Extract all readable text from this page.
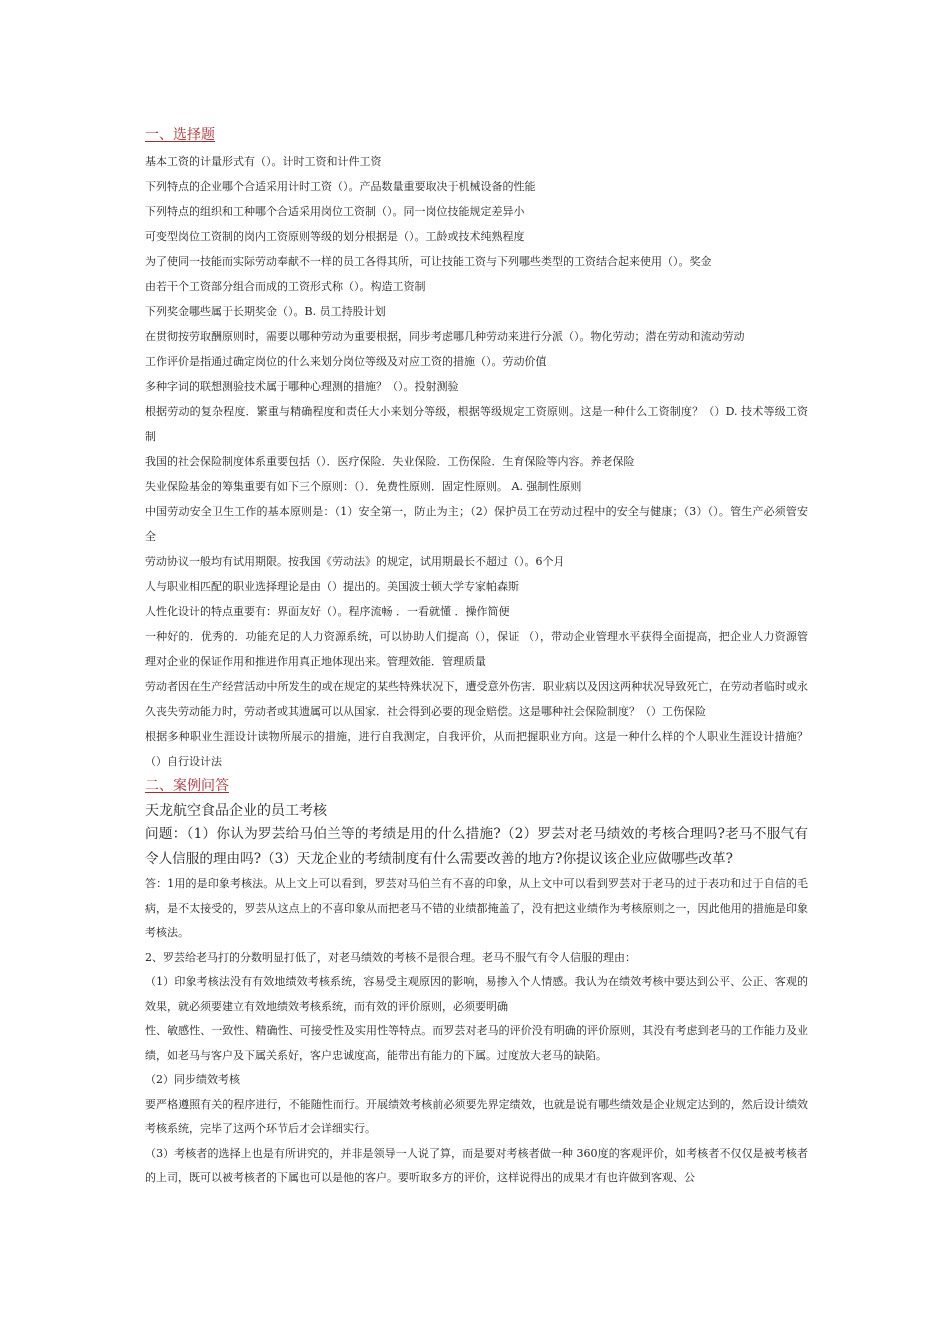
一、选择题

基本工资的计量形式有（）。计时工资和计件工资

下列特点的企业哪个合适采用计时工资（）。产品数量重要取决于机械设备的性能

下列特点的组织和工种哪个合适采用岗位工资制（）。同一岗位技能规定差异小

可变型岗位工资制的岗内工资原则等级的划分根据是（）。工龄或技术纯熟程度

为了使同一技能而实际劳动奉献不一样的员工各得其所，可让技能工资与下列哪些类型的工资结合起来使用（）。奖金

由若干个工资部分组合而成的工资形式称（）。构造工资制

下列奖金哪些属于长期奖金（）。B. 员工持股计划

在贯彻按劳取酬原则时，需要以哪种劳动为重要根据，同步考虑哪几种劳动来进行分派（）。物化劳动；潜在劳动和流动劳动

工作评价是指通过确定岗位的什么来划分岗位等级及对应工资的措施（）。劳动价值

多种字词的联想测验技术属于哪种心理测的措施？（）。投射测验

根据劳动的复杂程度．繁重与精确程度和责任大小来划分等级，根据等级规定工资原则。这是一种什么工资制度？（）D. 技术等级工资制

我国的社会保险制度体系重要包括（）．医疗保险．失业保险．工伤保险．生育保险等内容。养老保险

失业保险基金的筹集重要有如下三个原则：（）．免费性原则．固定性原则。 A. 强制性原则

中国劳动安全卫生工作的基本原则是：（1）安全第一，防止为主；（2）保护员工在劳动过程中的安全与健康；（3）（）。管生产必须管安全

劳动协议一般均有试用期限。按我国《劳动法》的规定，试用期最长不超过（）。6个月

人与职业相匹配的职业选择理论是由（）提出的。美国波士顿大学专家帕森斯

人性化设计的特点重要有：界面友好（）。程序流畅 ．一看就懂 ．操作简便

一种好的．优秀的．功能充足的人力资源系统，可以协助人们提高（），保证 （），带动企业管理水平获得全面提高，把企业人力资源管理对企业的保证作用和推进作用真正地体现出来。管理效能．管理质量

劳动者因在生产经营活动中所发生的或在规定的某些特殊状况下，遭受意外伤害．职业病以及因这两种状况导致死亡，在劳动者临时或永久丧失劳动能力时，劳动者或其遗属可以从国家．社会得到必要的现金赔偿。这是哪种社会保险制度？（）工伤保险

根据多种职业生涯设计读物所展示的措施，进行自我测定，自我评价，从而把握职业方向。这是一种什么样的个人职业生涯设计措施？（）自行设计法

二、案例问答
天龙航空食品企业的员工考核

问题：（1）你认为罗芸给马伯兰等的考绩是用的什么措施?（2）罗芸对老马绩效的考核合理吗?老马不服气有令人信服的理由吗?（3）天龙企业的考绩制度有什么需要改善的地方?你提议该企业应做哪些改革?

答：1用的是印象考核法。从上文上可以看到，罗芸对马伯兰有不喜的印象，从上文中可以看到罗芸对于老马的过于表功和过于自信的毛病，是不太接受的，罗芸从这点上的不喜印象从而把老马不错的业绩都掩盖了，没有把这业绩作为考核原则之一，因此他用的措施是印象考核法。

2、罗芸给老马打的分数明显打低了，对老马绩效的考核不是很合理。老马不服气有令人信服的理由：

（1）印象考核法没有有效地绩效考核系统，容易受主观原因的影响，易掺入个人情感。我认为在绩效考核中要达到公平、公正、客观的效果，就必须要建立有效地绩效考核系统，而有效的评价原则，必须要明确

性、敏感性、一致性、精确性、可接受性及实用性等特点。而罗芸对老马的评价没有明确的评价原则，其没有考虑到老马的工作能力及业绩，如老马与客户及下属关系好，客户忠诚度高，能带出有能力的下属。过度放大老马的缺陷。

（2）同步绩效考核

要严格遵照有关的程序进行，不能随性而行。开展绩效考核前必须要先界定绩效，也就是说有哪些绩效是企业规定达到的，然后设计绩效考核系统，完毕了这两个环节后才会详细实行。

（3）考核者的选择上也是有所讲究的，并非是领导一人说了算，而是要对考核者做一种 360度的客观评价，如考核者不仅仅是被考核者的上司，既可以被考核者的下属也可以是他的客户。要听取多方的评价，这样说得出的成果才有也许做到客观、公
